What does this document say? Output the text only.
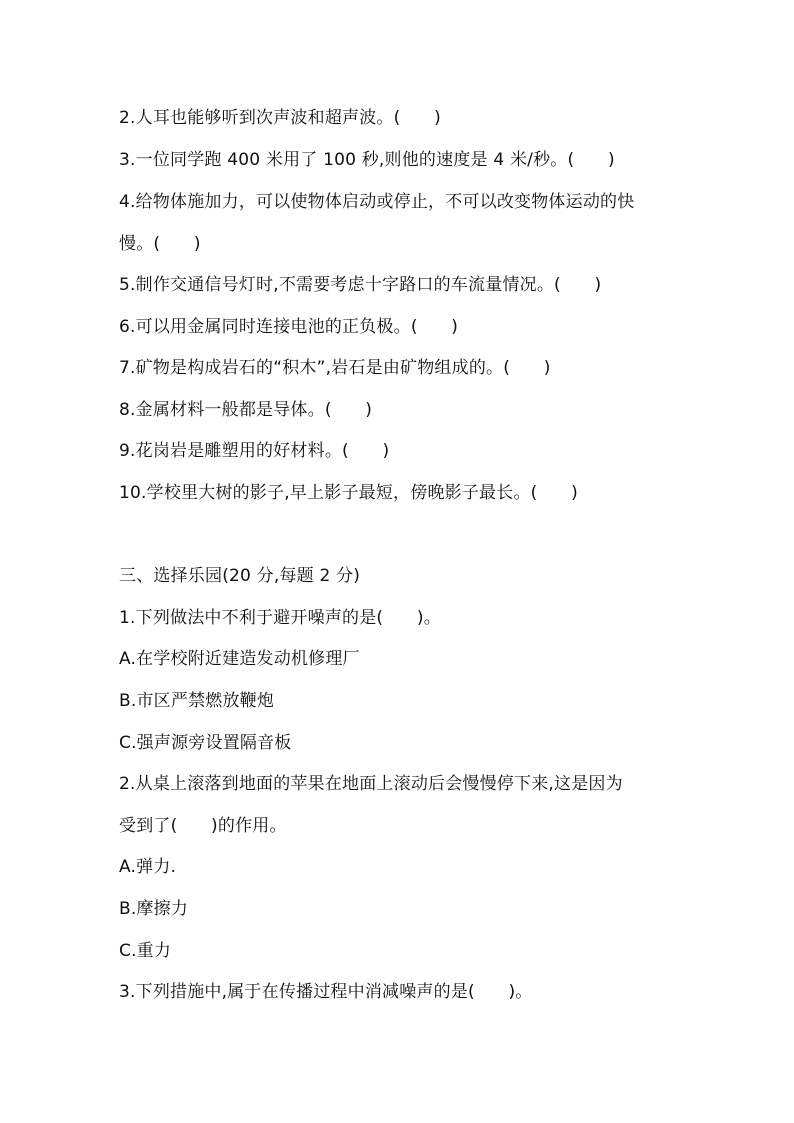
2.人耳也能够听到次声波和超声波。(      )
3.一位同学跑 400 米用了 100 秒,则他的速度是 4 米/秒。(      )
4.给物体施加力，可以使物体启动或停止，不可以改变物体运动的快
慢。(      )
5.制作交通信号灯时,不需要考虑十字路口的车流量情况。(      )
6.可以用金属同时连接电池的正负极。(      )
7.矿物是构成岩石的“积木”,岩石是由矿物组成的。(      )
8.金属材料一般都是导体。(      )
9.花岗岩是雕塑用的好材料。(      )
10.学校里大树的影子,早上影子最短，傍晚影子最长。(      )
三、选择乐园(20 分,每题 2 分)
1.下列做法中不利于避开噪声的是(      )。
A.在学校附近建造发动机修理厂
B.市区严禁燃放鞭炮
C.强声源旁设置隔音板
2.从桌上滚落到地面的苹果在地面上滚动后会慢慢停下来,这是因为
受到了(      )的作用。
A.弹力.
B.摩擦力
C.重力
3.下列措施中,属于在传播过程中消减噪声的是(      )。
